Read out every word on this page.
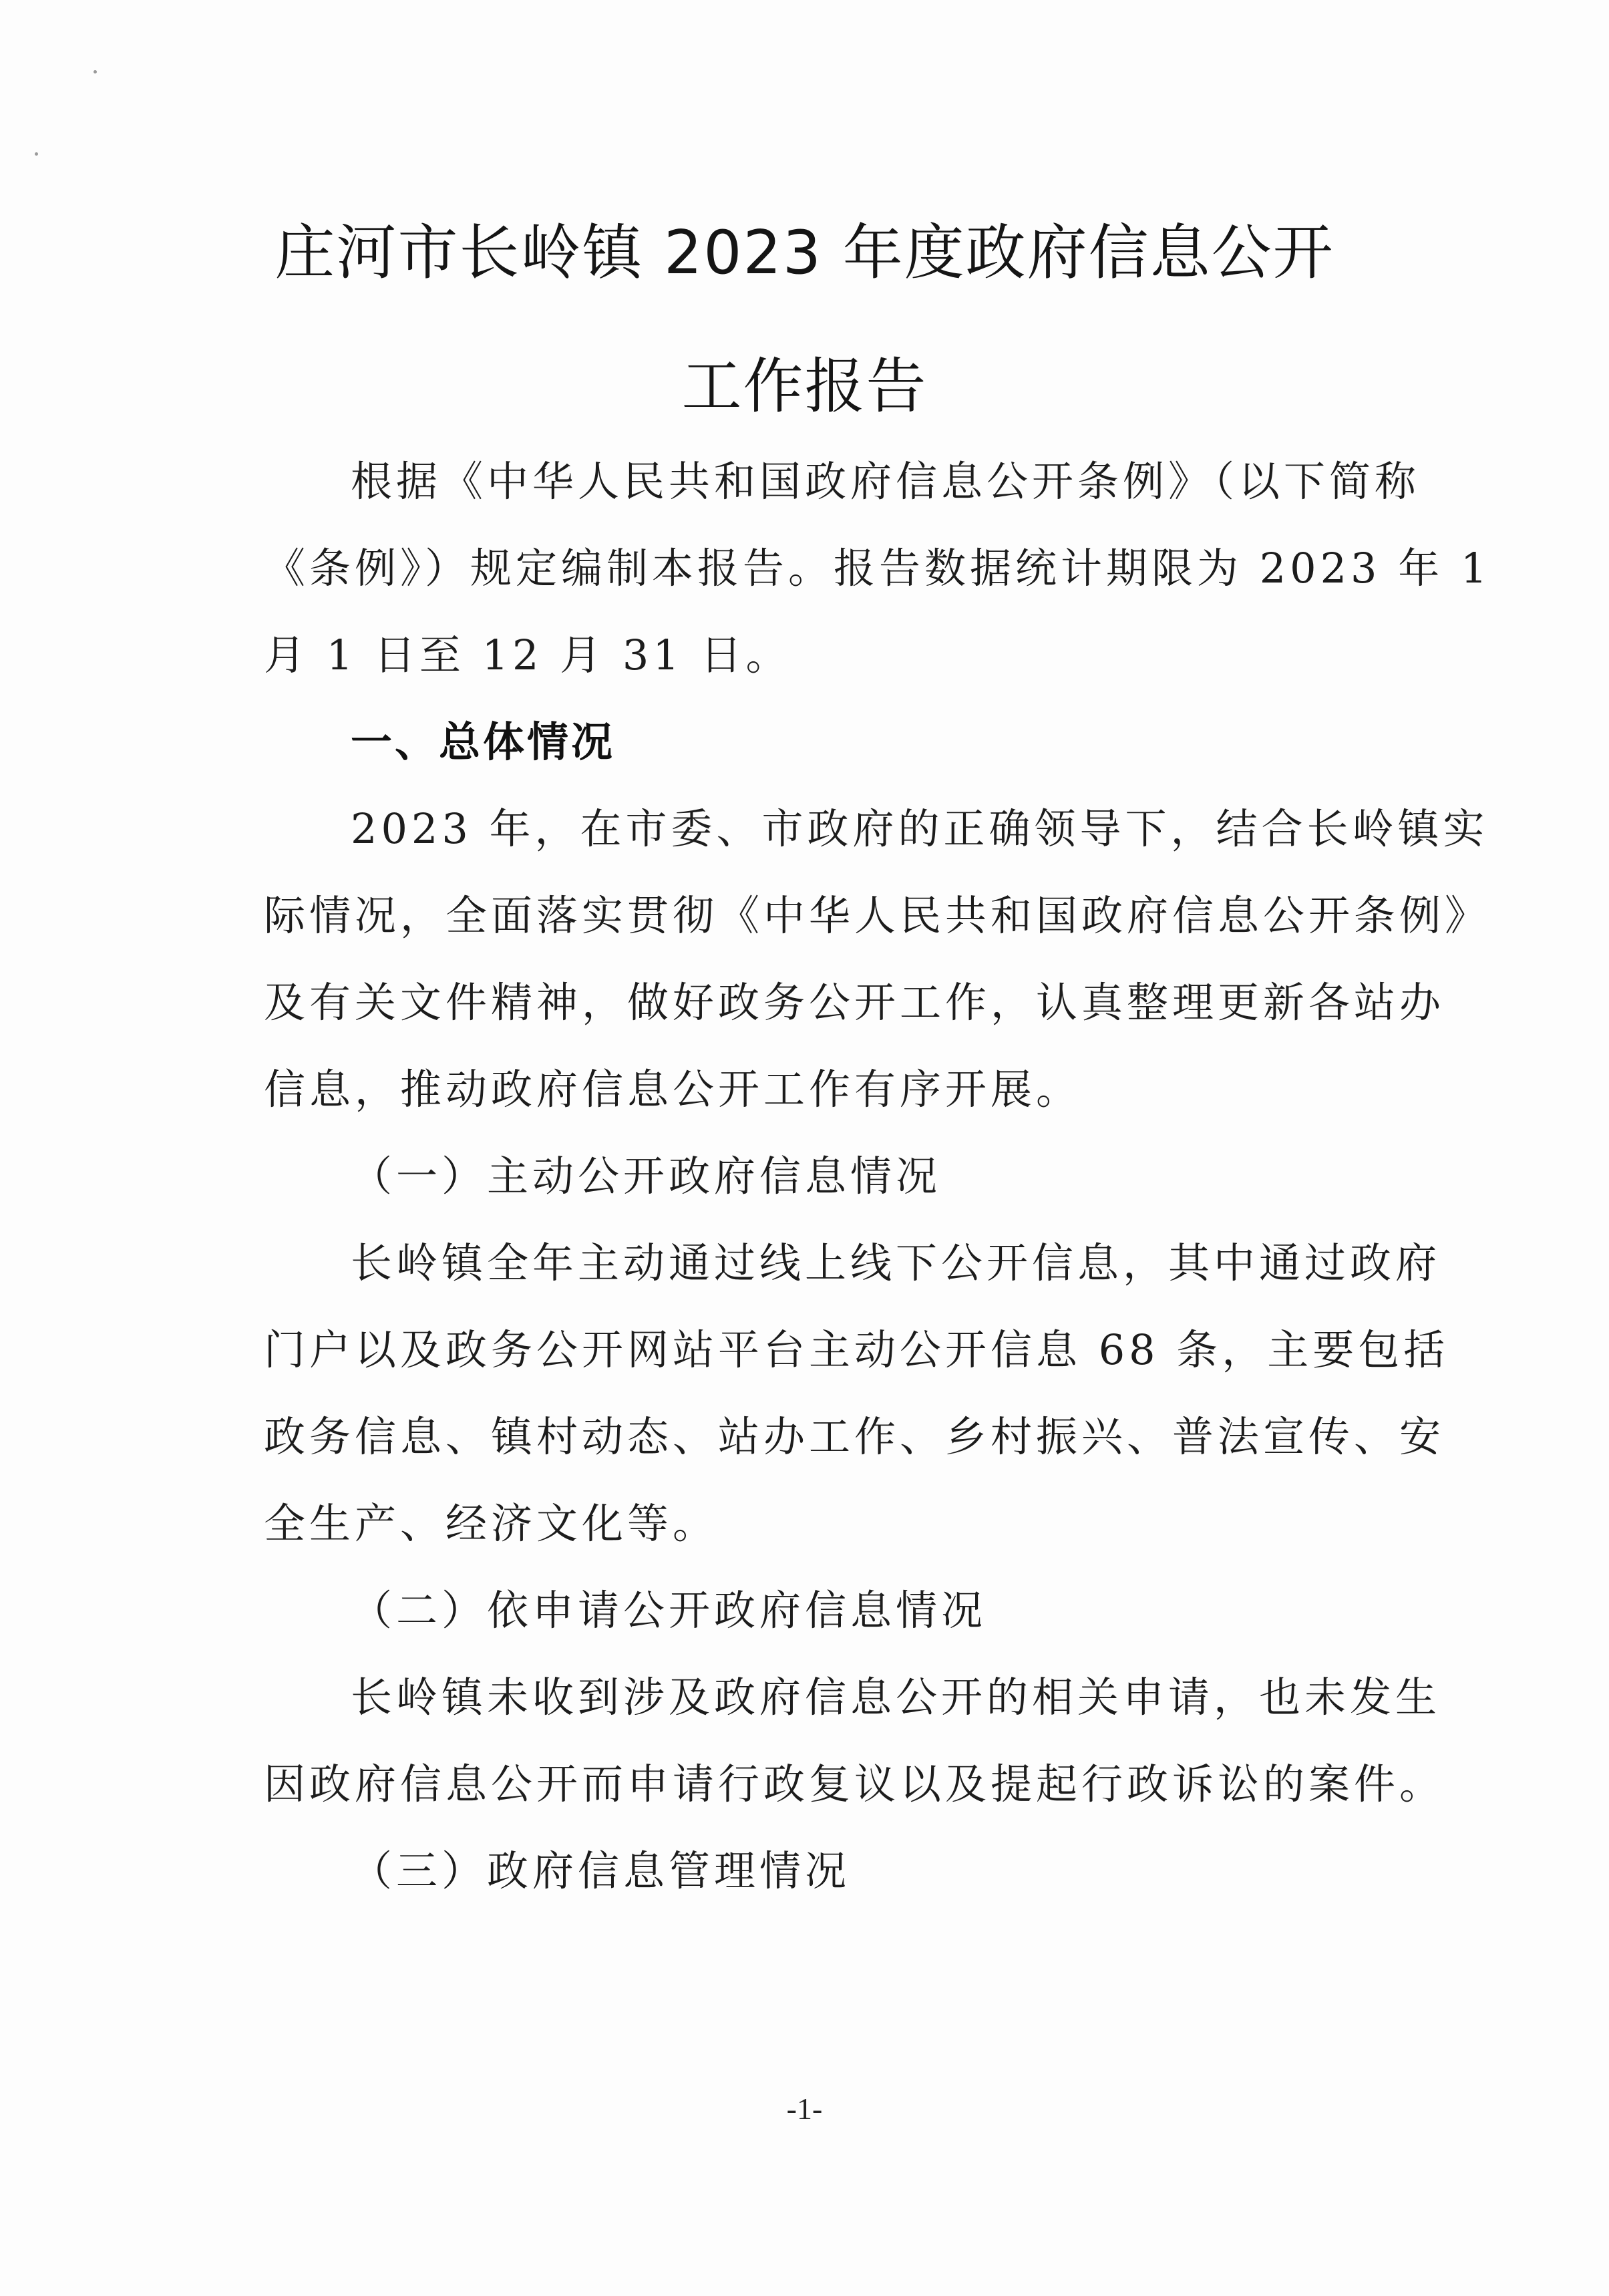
庄河市长岭镇 2023 年度政府信息公开
工作报告
根据《中华人民共和国政府信息公开条例》（以下简称
《条例》）规定编制本报告。报告数据统计期限为 2023 年 1
月 1 日至 12 月 31 日。
一、总体情况
2023 年，在市委、市政府的正确领导下，结合长岭镇实
际情况，全面落实贯彻《中华人民共和国政府信息公开条例》
及有关文件精神，做好政务公开工作，认真整理更新各站办
信息，推动政府信息公开工作有序开展。
（一）主动公开政府信息情况
长岭镇全年主动通过线上线下公开信息，其中通过政府
门户以及政务公开网站平台主动公开信息 68 条，主要包括
政务信息、镇村动态、站办工作、乡村振兴、普法宣传、安
全生产、经济文化等。
（二）依申请公开政府信息情况
长岭镇未收到涉及政府信息公开的相关申请，也未发生
因政府信息公开而申请行政复议以及提起行政诉讼的案件。
（三）政府信息管理情况
-1-
